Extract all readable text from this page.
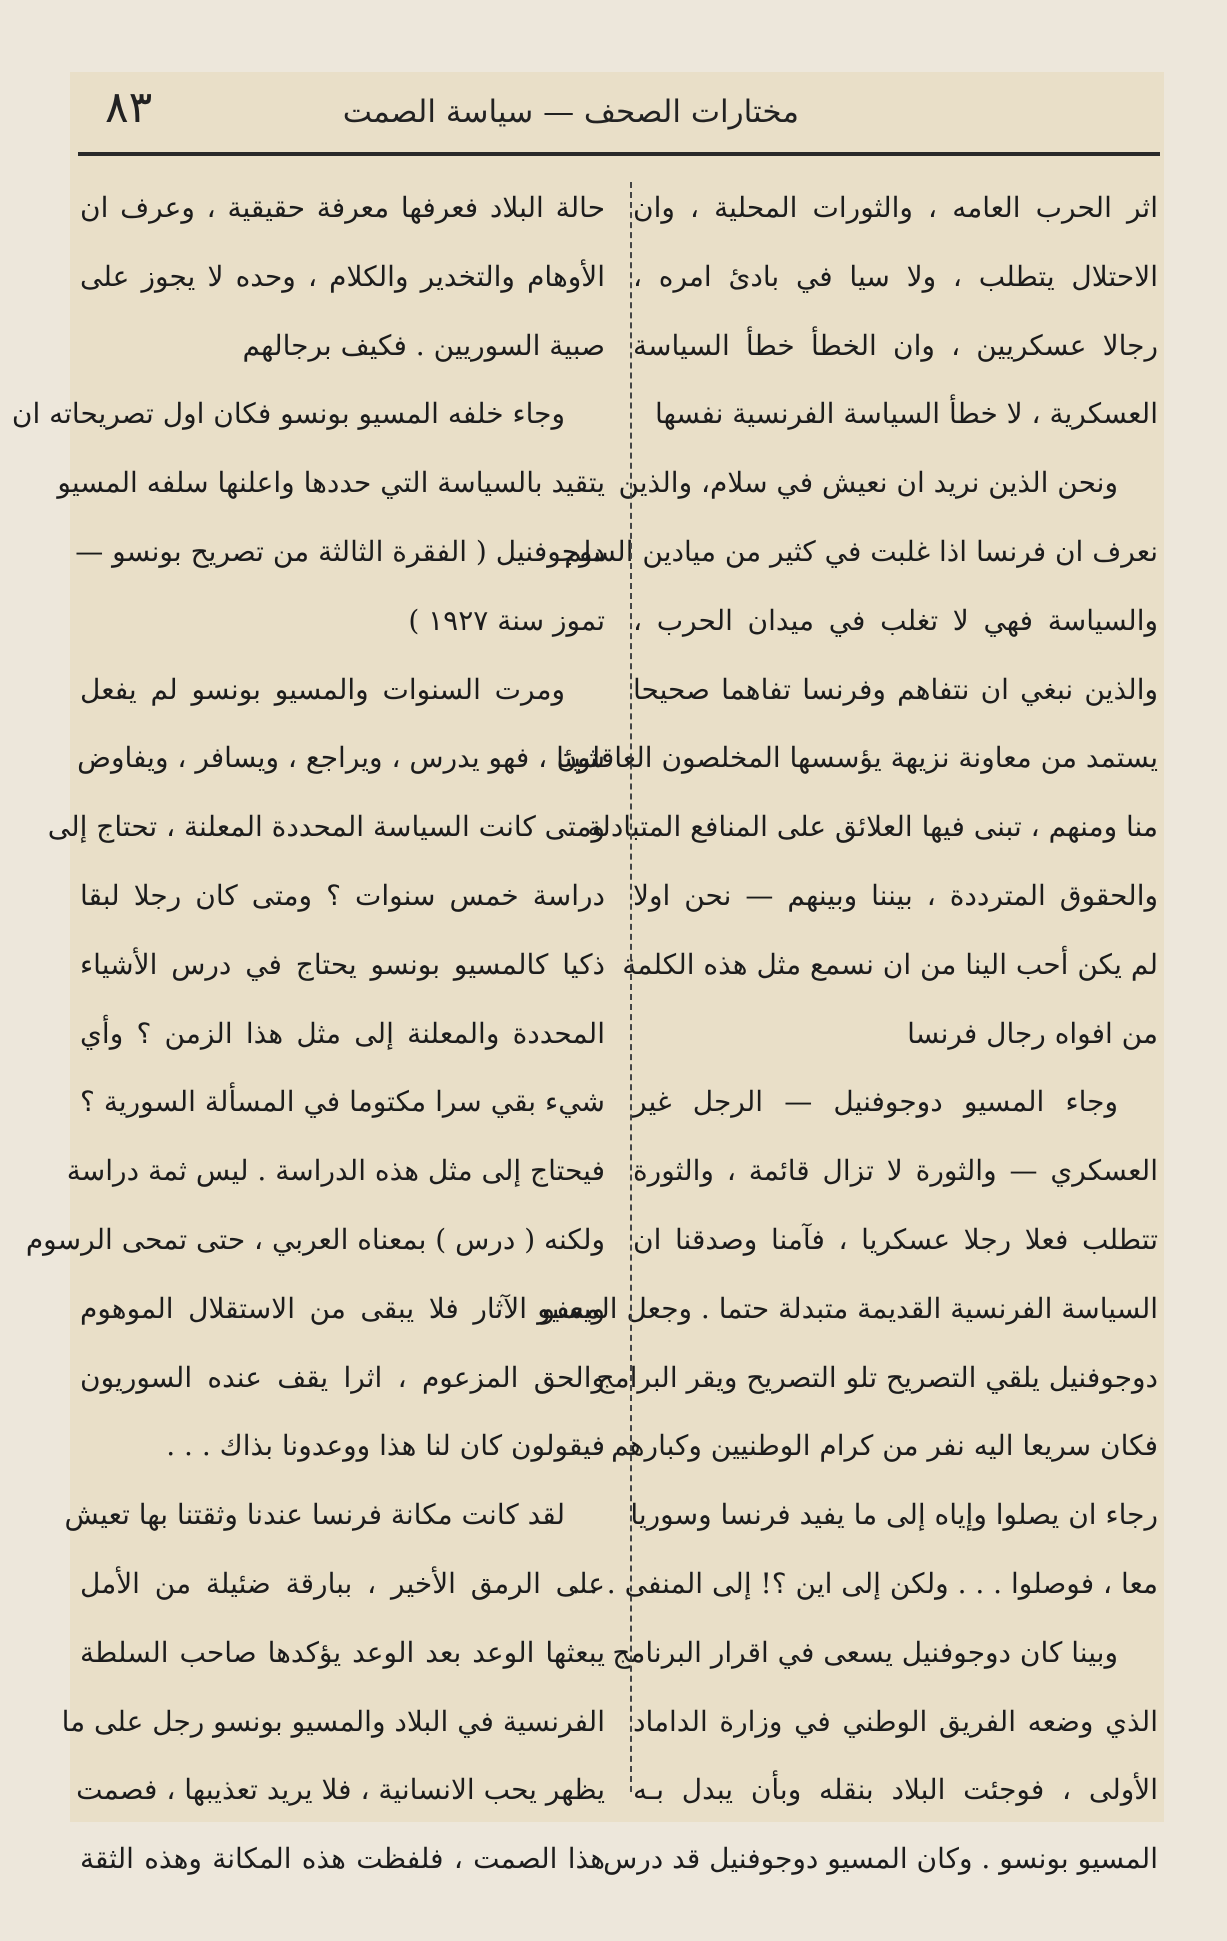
مختارات الصحف — سياسة الصمت
٨٣
اثر الحرب العامه ، والثورات المحلية ، وان
الاحتلال يتطلب ، ولا سيا في بادئ امره ،
رجالا عسكريين ، وان الخطأ خطأ السياسة
العسكرية ، لا خطأ السياسة الفرنسية نفسها
ونحن الذين نريد ان نعيش في سلام، والذين
نعرف ان فرنسا اذا غلبت في كثير من ميادين السلم
والسياسة فهي لا تغلب في ميدان الحرب ،
والذين نبغي ان نتفاهم وفرنسا تفاهما صحيحا
يستمد من معاونة نزيهة يؤسسها المخلصون العاقلون
منا ومنهم ، تبنى فيها العلائق على المنافع المتبادلة
والحقوق المترددة ، بيننا وبينهم — نحن اولا
لم يكن أحب الينا من ان نسمع مثل هذه الكلمة
من افواه رجال فرنسا
وجاء المسيو دوجوفنيل — الرجل غير
العسكري — والثورة لا تزال قائمة ، والثورة
تتطلب فعلا رجلا عسكريا ، فآمنا وصدقنا ان
السياسة الفرنسية القديمة متبدلة حتما . وجعل المسيو
دوجوفنيل يلقي التصريح تلو التصريح ويقر البرامج
فكان سريعا اليه نفر من كرام الوطنيين وكبارهم
رجاء ان يصلوا وإياه إلى ما يفيد فرنسا وسوريا
معا ، فوصلوا . . . ولكن إلى اين ؟! إلى المنفى . . .
وبينا كان دوجوفنيل يسعى في اقرار البرنامج
الذي وضعه الفريق الوطني في وزارة الداماد
الأولى ، فوجئت البلاد بنقله وبأن يبدل بـه
المسيو بونسو . وكان المسيو دوجوفنيل قد درس
حالة البلاد فعرفها معرفة حقيقية ، وعرف ان
الأوهام والتخدير والكلام ، وحده لا يجوز على
صبية السوريين . فكيف برجالهم
وجاء خلفه المسيو بونسو فكان اول تصريحاته ان
يتقيد بالسياسة التي حددها واعلنها سلفه المسيو
دوجوفنيل ( الفقرة الثالثة من تصريح بونسو —
تموز سنة ١٩٢٧ )
ومرت السنوات والمسيو بونسو لم يفعل
شيئا ، فهو يدرس ، ويراجع ، ويسافر ، ويفاوض
ومتى كانت السياسة المحددة المعلنة ، تحتاج إلى
دراسة خمس سنوات ؟ ومتى كان رجلا لبقا
ذكيا كالمسيو بونسو يحتاج في درس الأشياء
المحددة والمعلنة إلى مثل هذا الزمن ؟ وأي
شيء بقي سرا مكتوما في المسألة السورية ؟
فيحتاج إلى مثل هذه الدراسة . ليس ثمة دراسة
ولكنه ( درس ) بمعناه العربي ، حتى تمحى الرسوم
ويعفو الآثار فلا يبقى من الاستقلال الموهوم
والحق المزعوم ، اثرا يقف عنده السوريون
فيقولون كان لنا هذا ووعدونا بذاك . . .
لقد كانت مكانة فرنسا عندنا وثقتنا بها تعيش
على الرمق الأخير ، ببارقة ضئيلة من الأمل
يبعثها الوعد بعد الوعد يؤكدها صاحب السلطة
الفرنسية في البلاد والمسيو بونسو رجل على ما
يظهر يحب الانسانية ، فلا يريد تعذيبها ، فصمت
هذا الصمت ، فلفظت هذه المكانة وهذه الثقة
